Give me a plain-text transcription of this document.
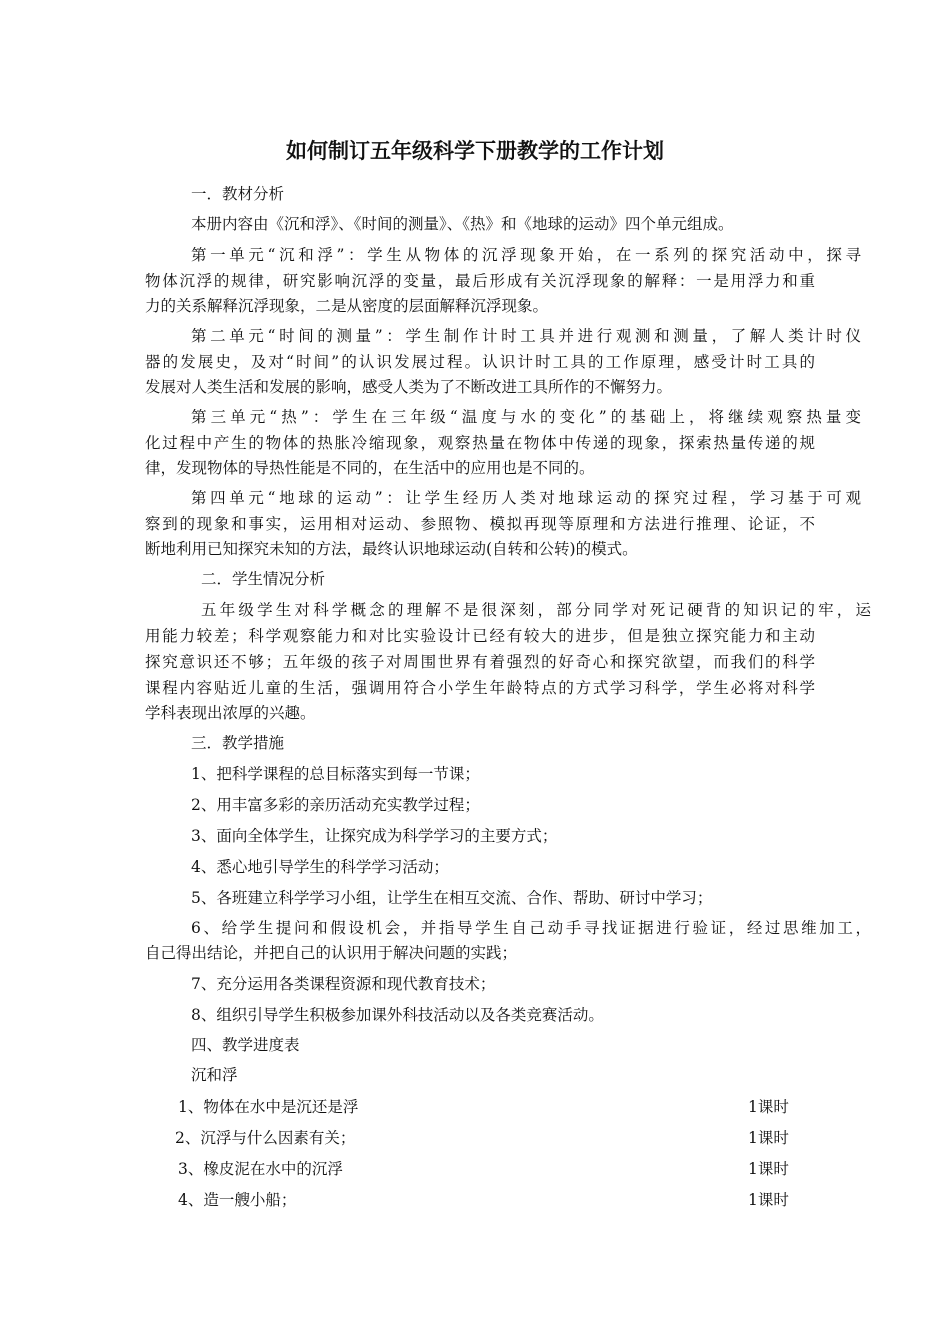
如何制订五年级科学下册教学的工作计划
一．教材分析
本册内容由《沉和浮》、《时间的测量》、《热》和《地球的运动》四个单元组成。
第一单元“沉和浮”：学生从物体的沉浮现象开始，在一系列的探究活动中，探寻
物体沉浮的规律，研究影响沉浮的变量，最后形成有关沉浮现象的解释：一是用浮力和重
力的关系解释沉浮现象，二是从密度的层面解释沉浮现象。
第二单元“时间的测量”：学生制作计时工具并进行观测和测量，了解人类计时仪
器的发展史，及对“时间”的认识发展过程。认识计时工具的工作原理，感受计时工具的
发展对人类生活和发展的影响，感受人类为了不断改进工具所作的不懈努力。
第三单元“热”：学生在三年级“温度与水的变化”的基础上，将继续观察热量变
化过程中产生的物体的热胀冷缩现象，观察热量在物体中传递的现象，探索热量传递的规
律，发现物体的导热性能是不同的，在生活中的应用也是不同的。
第四单元“地球的运动”：让学生经历人类对地球运动的探究过程，学习基于可观
察到的现象和事实，运用相对运动、参照物、模拟再现等原理和方法进行推理、论证，不
断地利用已知探究未知的方法，最终认识地球运动(自转和公转)的模式。
二．学生情况分析
五年级学生对科学概念的理解不是很深刻，部分同学对死记硬背的知识记的牢，运
用能力较差；科学观察能力和对比实验设计已经有较大的进步，但是独立探究能力和主动
探究意识还不够；五年级的孩子对周围世界有着强烈的好奇心和探究欲望，而我们的科学
课程内容贴近儿童的生活，强调用符合小学生年龄特点的方式学习科学，学生必将对科学
学科表现出浓厚的兴趣。
三．教学措施
1、把科学课程的总目标落实到每一节课；
2、用丰富多彩的亲历活动充实教学过程；
3、面向全体学生，让探究成为科学学习的主要方式；
4、悉心地引导学生的科学学习活动；
5、各班建立科学学习小组，让学生在相互交流、合作、帮助、研讨中学习；
6、给学生提问和假设机会，并指导学生自己动手寻找证据进行验证，经过思维加工，
自己得出结论，并把自己的认识用于解决问题的实践；
7、充分运用各类课程资源和现代教育技术；
8、组织引导学生积极参加课外科技活动以及各类竞赛活动。
四、教学进度表
沉和浮
1、物体在水中是沉还是浮	1课时
2、沉浮与什么因素有关；	1课时
3、橡皮泥在水中的沉浮	1课时
4、造一艘小船；	1课时
